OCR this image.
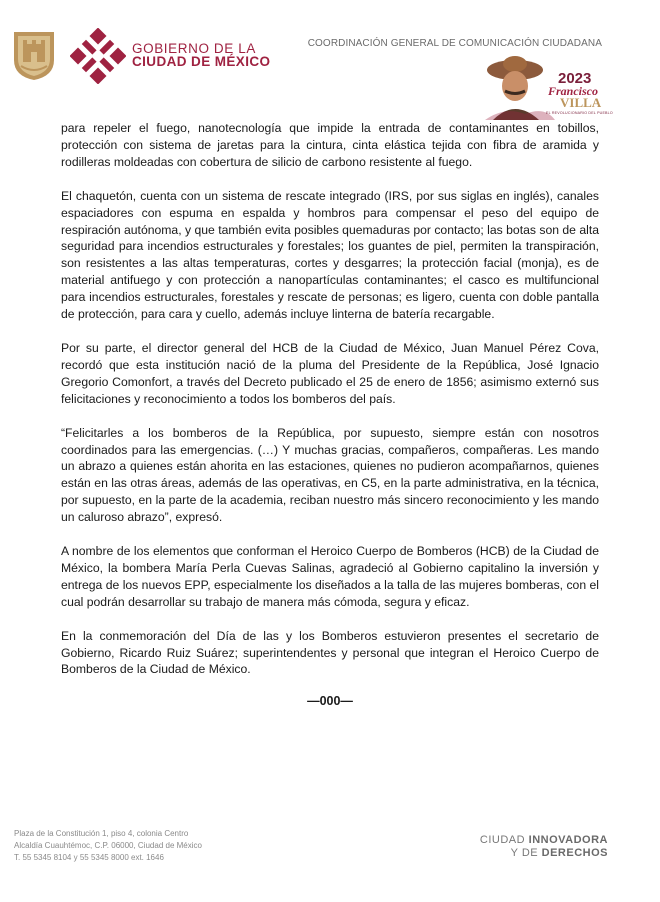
GOBIERNO DE LA
CIUDAD DE MÉXICO
COORDINACIÓN GENERAL DE COMUNICACIÓN CIUDADANA
2023
Francisco
VILLA
EL REVOLUCIONARIO DEL PUEBLO

para repeler el fuego, nanotecnología que impide la entrada de contaminantes en tobillos, protección con sistema de jaretas para la cintura, cinta elástica tejida con fibra de aramida y rodilleras moldeadas con cobertura de silicio de carbono resistente al fuego.

El chaquetón, cuenta con un sistema de rescate integrado (IRS, por sus siglas en inglés), canales espaciadores con espuma en espalda y hombros para compensar el peso del equipo de respiración autónoma, y que también evita posibles quemaduras por contacto; las botas son de alta seguridad para incendios estructurales y forestales; los guantes de piel, permiten la transpiración, son resistentes a las altas temperaturas, cortes y desgarres; la protección facial (monja), es de material antifuego y con protección a nanopartículas contaminantes; el casco es multifuncional para incendios estructurales, forestales y rescate de personas; es ligero, cuenta con doble pantalla de protección, para cara y cuello, además incluye linterna de batería recargable.

Por su parte, el director general del HCB de la Ciudad de México, Juan Manuel Pérez Cova, recordó que esta institución nació de la pluma del Presidente de la República, José Ignacio Gregorio Comonfort, a través del Decreto publicado el 25 de enero de 1856; asimismo externó sus felicitaciones y reconocimiento a todos los bomberos del país.

“Felicitarles a los bomberos de la República, por supuesto, siempre están con nosotros coordinados para las emergencias. (…) Y muchas gracias, compañeros, compañeras. Les mando un abrazo a quienes están ahorita en las estaciones, quienes no pudieron acompañarnos, quienes están en las otras áreas, además de las operativas, en C5, en la parte administrativa, en la técnica, por supuesto, en la parte de la academia, reciban nuestro más sincero reconocimiento y les mando un caluroso abrazo”, expresó.

A nombre de los elementos que conforman el Heroico Cuerpo de Bomberos (HCB) de la Ciudad de México, la bombera María Perla Cuevas Salinas, agradeció al Gobierno capitalino la inversión y entrega de los nuevos EPP, especialmente los diseñados a la talla de las mujeres bomberas, con el cual podrán desarrollar su trabajo de manera más cómoda, segura y eficaz.

En la conmemoración del Día de las y los Bomberos estuvieron presentes el secretario de Gobierno, Ricardo Ruiz Suárez; superintendentes y personal que integran el Heroico Cuerpo de Bomberos de la Ciudad de México.

—000—
Plaza de la Constitución 1, piso 4, colonia Centro
Alcaldía Cuauhtémoc, C.P. 06000, Ciudad de México
T. 55 5345 8104 y 55 5345 8000 ext. 1646
CIUDAD INNOVADORA
Y DE DERECHOS
